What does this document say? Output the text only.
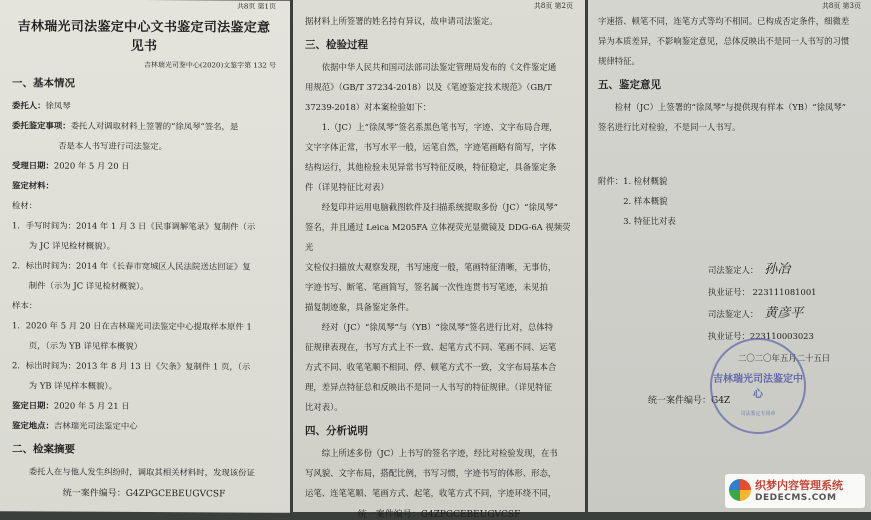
共8页 第1页
吉林瑞光司法鉴定中心文书鉴定司法鉴定意见书
吉林瑞光司鉴中心(2020)文鉴字第 132 号
一、基本情况
委托人：徐凤琴
委托鉴定事项：委托人对调取材料上签署的“徐凤琴”签名，是
否是本人书写进行司法鉴定。
受理日期：2020 年 5 月 20 日
鉴定材料：
检材：
1．手写时间为：2014 年 1 月 3 日《民事调解笔录》复制件（示
为 JC 详见检材概貌）。
2．标出时间为：2014 年《长春市宽城区人民法院送达回证》复
制件（示为 JC 详见检材概貌）。
样本：
1．2020 年 5 月 20 日在吉林瑞光司法鉴定中心提取样本原件 1
页，（示为 YB 详见样本概貌）
2．标出时间为：2013 年 8 月 13 日《欠条》复制件 1 页，（示
为 YB 详见样本概貌）。
鉴定日期：2020 年 5 月 21 日
鉴定地点：吉林瑞光司法鉴定中心
二、检案摘要
委托人在与他人发生纠纷时，调取其相关材料时，发现该份证
统一案件编号：G4ZPGCEBEUGVCSF
共8页 第2页
据材料上所签署的姓名持有异议，故申请司法鉴定。
三、检验过程
依据中华人民共和国司法部司法鉴定管理局发布的《文件鉴定通
用规范》（GB/T 37234-2018）以及《笔迹鉴定技术规范》（GB/T
37239-2018）对本案检验如下：
1.（JC）上“徐凤琴”签名系黑色笔书写，字迹、文字布局合理，
文字字体正常，书写水平一般，运笔自然，字迹笔画略有简写，字体
结构运行，其他检验未见异常书写特征反映，特征稳定，具备鉴定条
件（详见特征比对表）
经复印并运用电脑截图软件及扫描系统提取多份（JC）“徐凤琴”
签名，并且通过 Leica M205FA 立体视荧光显微镜及 DDG-6A 视频荧光
文检仪扫描放大观察发现，书写速度一般，笔画特征清晰，无事仿，
字迹书写、断笔、笔画简写，签名属一次性连贯书写笔迹，未见拍
描复制迹象，具备鉴定条件。
经对（JC）“徐凤琴”与（YB）“徐凤琴”签名进行比对，总体特
征规律表现在，书写方式上不一致、起笔方式不同、笔画不同、运笔
方式不同、收笔笔顺不相同、停、顿笔方式不一致，文字布局基本合
理，差异点特征总和反映出不是同一人书写的特征规律。（详见特征
比对表）。
四、分析说明
综上所述多份（JC）上书写的签名字迹，经比对检验发现，在书
写风貌、文字布局，搭配比例，书写习惯，字迹书写的体形、形态，
运笔、连笔笔顺、笔画方式、起笔，收笔方式不同，字迹环绕不同，
统一案件编号：G4ZPGCEBEUGVCSF
共8页 第3页
字速搭、顿笔不同，连笔方式等均不相同。已构成否定条件，细微差
异为本质差异，不影响鉴定意见，总体反映出不是同一人书写的习惯
规律特征。
五、鉴定意见
检材（JC）上签署的“徐凤琴”与提供现有样本（YB）“徐凤琴”
签名进行比对检验，不是同一人书写。
附件：1. 检材概貌
2. 样本概貌
3. 特征比对表
司法鉴定人： 孙冶
执业证号： 223111081001
司法鉴定人： 黄彦平
执业证号：223110003023
二〇二〇年五月二十五日
吉林瑞光司法鉴定中心
司法鉴定专用章
统一案件编号：G4Z
织梦内容管理系统
DEDECMS.COM
